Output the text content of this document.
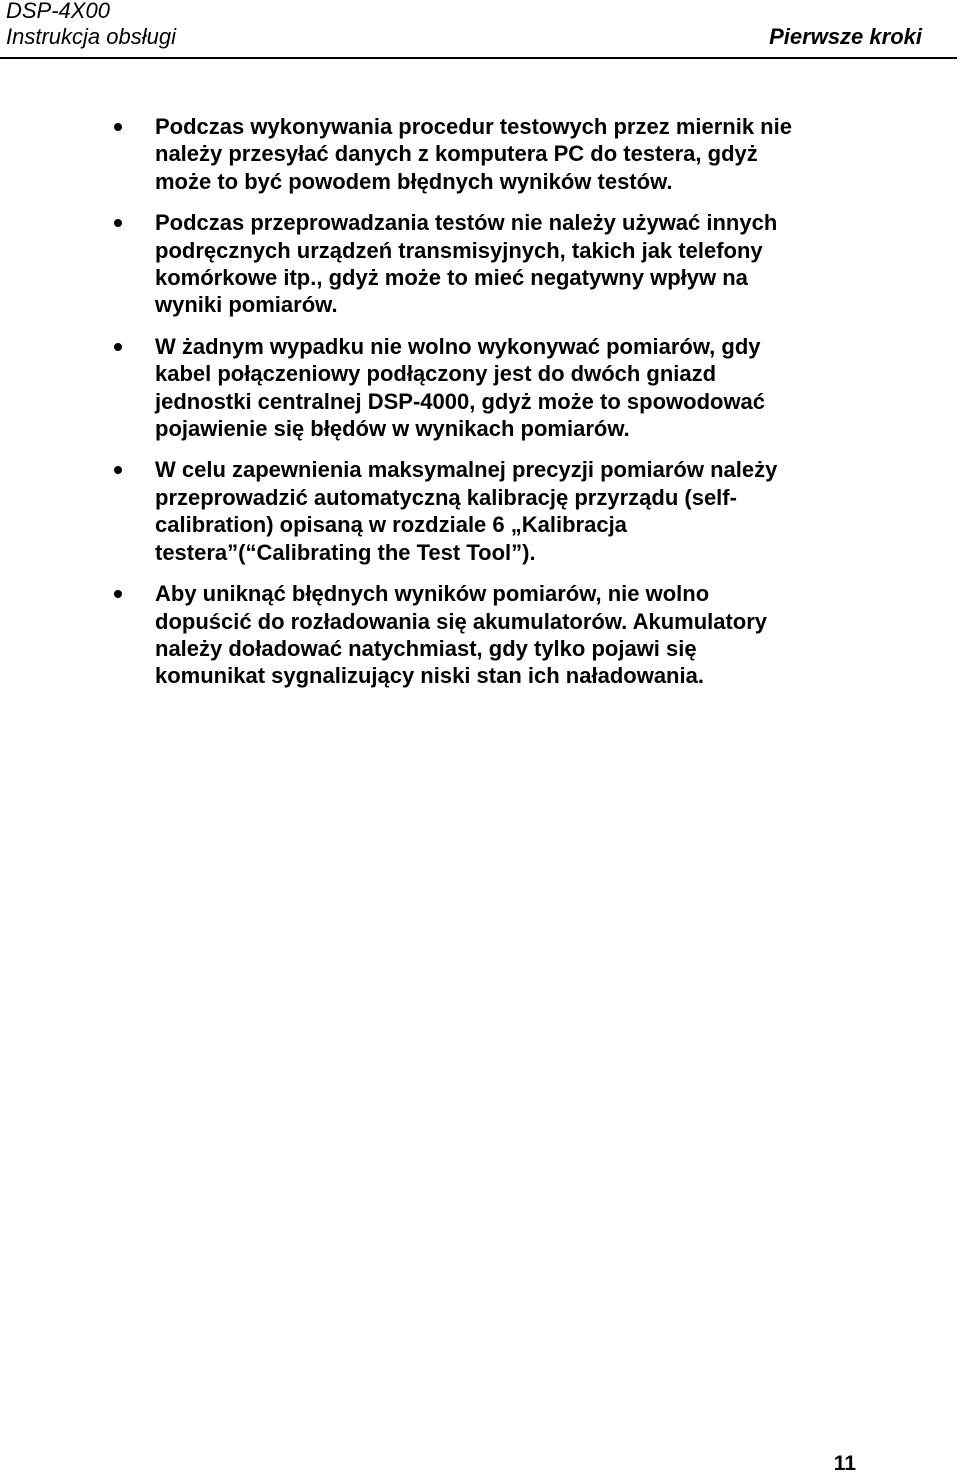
DSP-4X00
Instrukcja obsługi	Pierwsze kroki
Podczas wykonywania procedur testowych przez miernik nie należy przesyłać danych z komputera PC do testera, gdyż może to być powodem błędnych wyników testów.
Podczas przeprowadzania testów nie należy używać innych podręcznych urządzeń transmisyjnych, takich jak telefony komórkowe itp., gdyż może to mieć negatywny wpływ na wyniki pomiarów.
W żadnym wypadku nie wolno wykonywać pomiarów, gdy kabel połączeniowy podłączony jest do dwóch gniazd jednostki centralnej DSP-4000, gdyż może to spowodować pojawienie się błędów w wynikach pomiarów.
W celu zapewnienia maksymalnej precyzji pomiarów należy przeprowadzić automatyczną kalibrację przyrządu (self-calibration) opisaną w rozdziale 6 „Kalibracja testera”(“Calibrating the Test Tool”).
Aby uniknąć błędnych wyników pomiarów, nie wolno dopuścić do rozładowania się akumulatorów. Akumulatory należy doładować natychmiast, gdy tylko pojawi się komunikat sygnalizujący niski stan ich naładowania.
11
